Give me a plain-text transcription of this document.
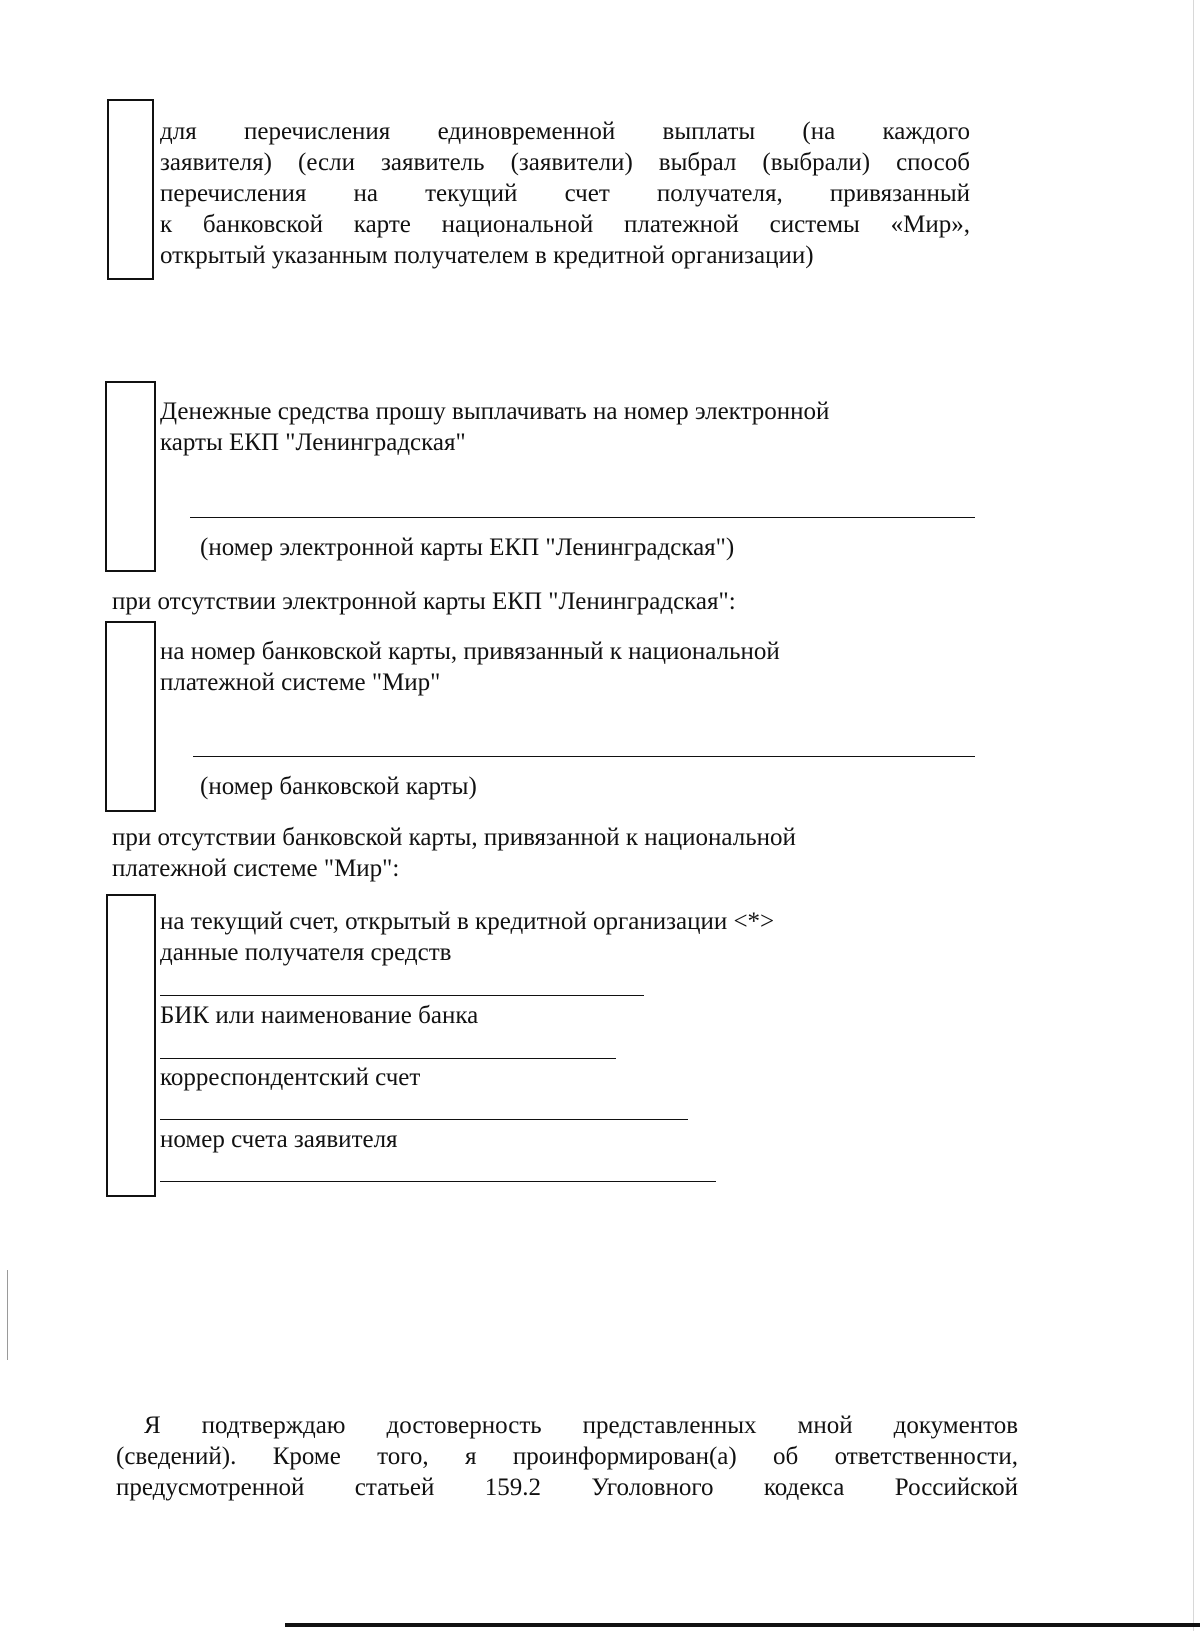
для перечисления единовременной выплаты (на каждого

заявителя) (если заявитель (заявители) выбрал (выбрали) способ

перечисления на текущий счет получателя, привязанный

к банковской карте национальной платежной системы «Мир»,

открытый указанным получателем в кредитной организации)

Денежные средства прошу выплачивать на номер электронной
карты ЕКП "Ленинградская"
(номер электронной карты ЕКП "Ленинградская")
при отсутствии электронной карты ЕКП "Ленинградская":
на номер банковской карты, привязанный к национальной
платежной системе "Мир"
(номер банковской карты)
при отсутствии банковской карты, привязанной к национальной
платежной системе "Мир":
на текущий счет, открытый в кредитной организации <*>
данные получателя средств
БИК или наименование банка
корреспондентский счет
номер счета заявителя

Я подтверждаю достоверность представленных мной документов

(сведений). Кроме того, я проинформирован(а) об ответственности,

предусмотренной статьей 159.2 Уголовного кодекса Российской
